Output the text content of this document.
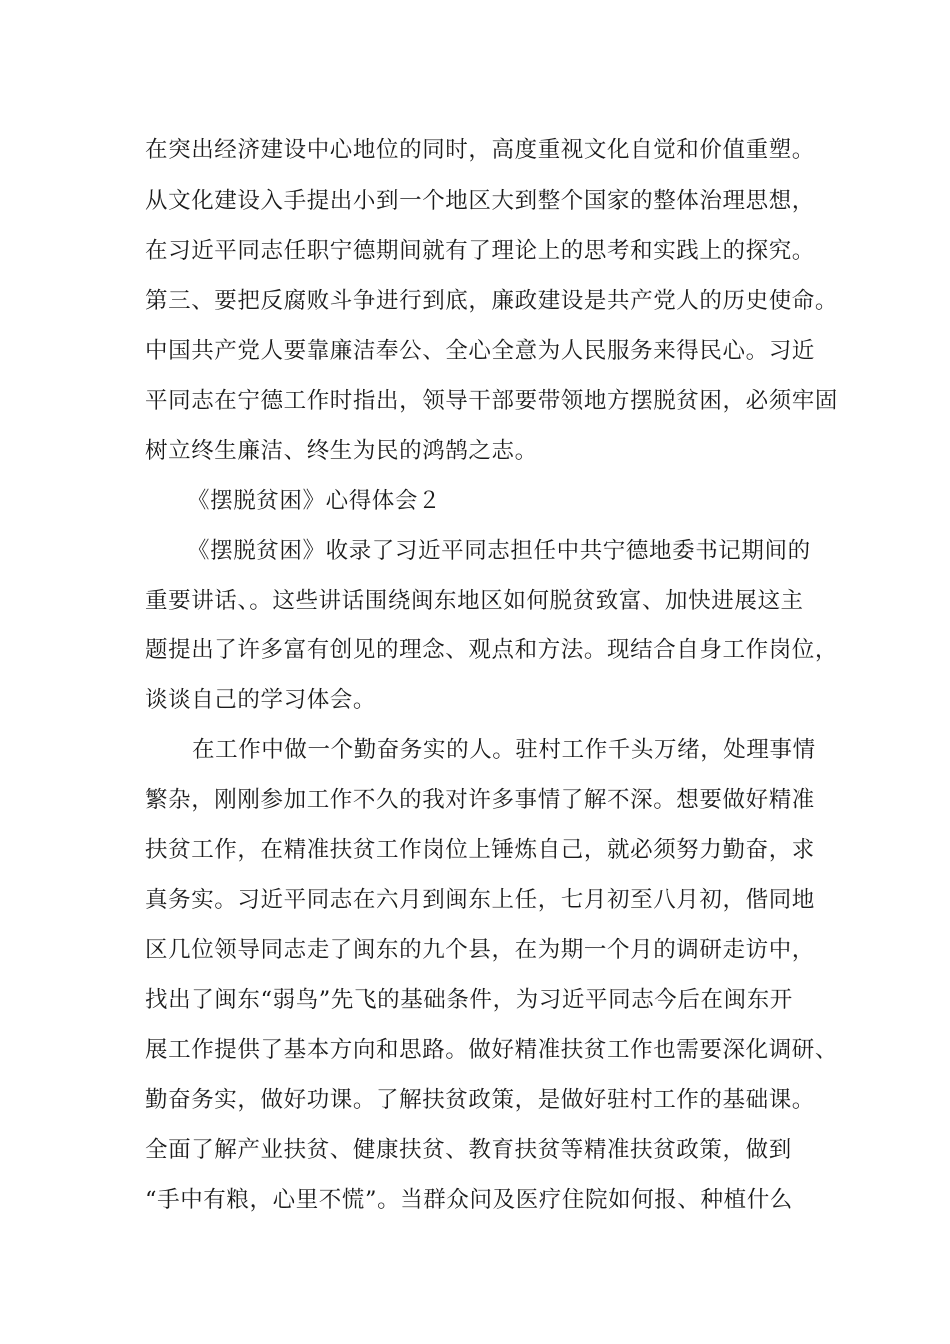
在突出经济建设中心地位的同时，高度重视文化自觉和价值重塑。
从文化建设入手提出小到一个地区大到整个国家的整体治理思想，
在习近平同志任职宁德期间就有了理论上的思考和实践上的探究。
第三、要把反腐败斗争进行到底，廉政建设是共产党人的历史使命。
中国共产党人要靠廉洁奉公、全心全意为人民服务来得民心。习近
平同志在宁德工作时指出，领导干部要带领地方摆脱贫困，必须牢固
树立终生廉洁、终生为民的鸿鹄之志。
《摆脱贫困》心得体会２
《摆脱贫困》收录了习近平同志担任中共宁德地委书记期间的
重要讲话、。这些讲话围绕闽东地区如何脱贫致富、加快进展这主
题提出了许多富有创见的理念、观点和方法。现结合自身工作岗位，
谈谈自己的学习体会。
在工作中做一个勤奋务实的人。驻村工作千头万绪，处理事情
繁杂，刚刚参加工作不久的我对许多事情了解不深。想要做好精准
扶贫工作，在精准扶贫工作岗位上锤炼自己，就必须努力勤奋，求
真务实。习近平同志在六月到闽东上任，七月初至八月初，偕同地
区几位领导同志走了闽东的九个县，在为期一个月的调研走访中，
找出了闽东“弱鸟”先飞的基础条件，为习近平同志今后在闽东开
展工作提供了基本方向和思路。做好精准扶贫工作也需要深化调研、
勤奋务实，做好功课。了解扶贫政策，是做好驻村工作的基础课。
全面了解产业扶贫、健康扶贫、教育扶贫等精准扶贫政策，做到
“手中有粮，心里不慌”。当群众问及医疗住院如何报、种植什么
